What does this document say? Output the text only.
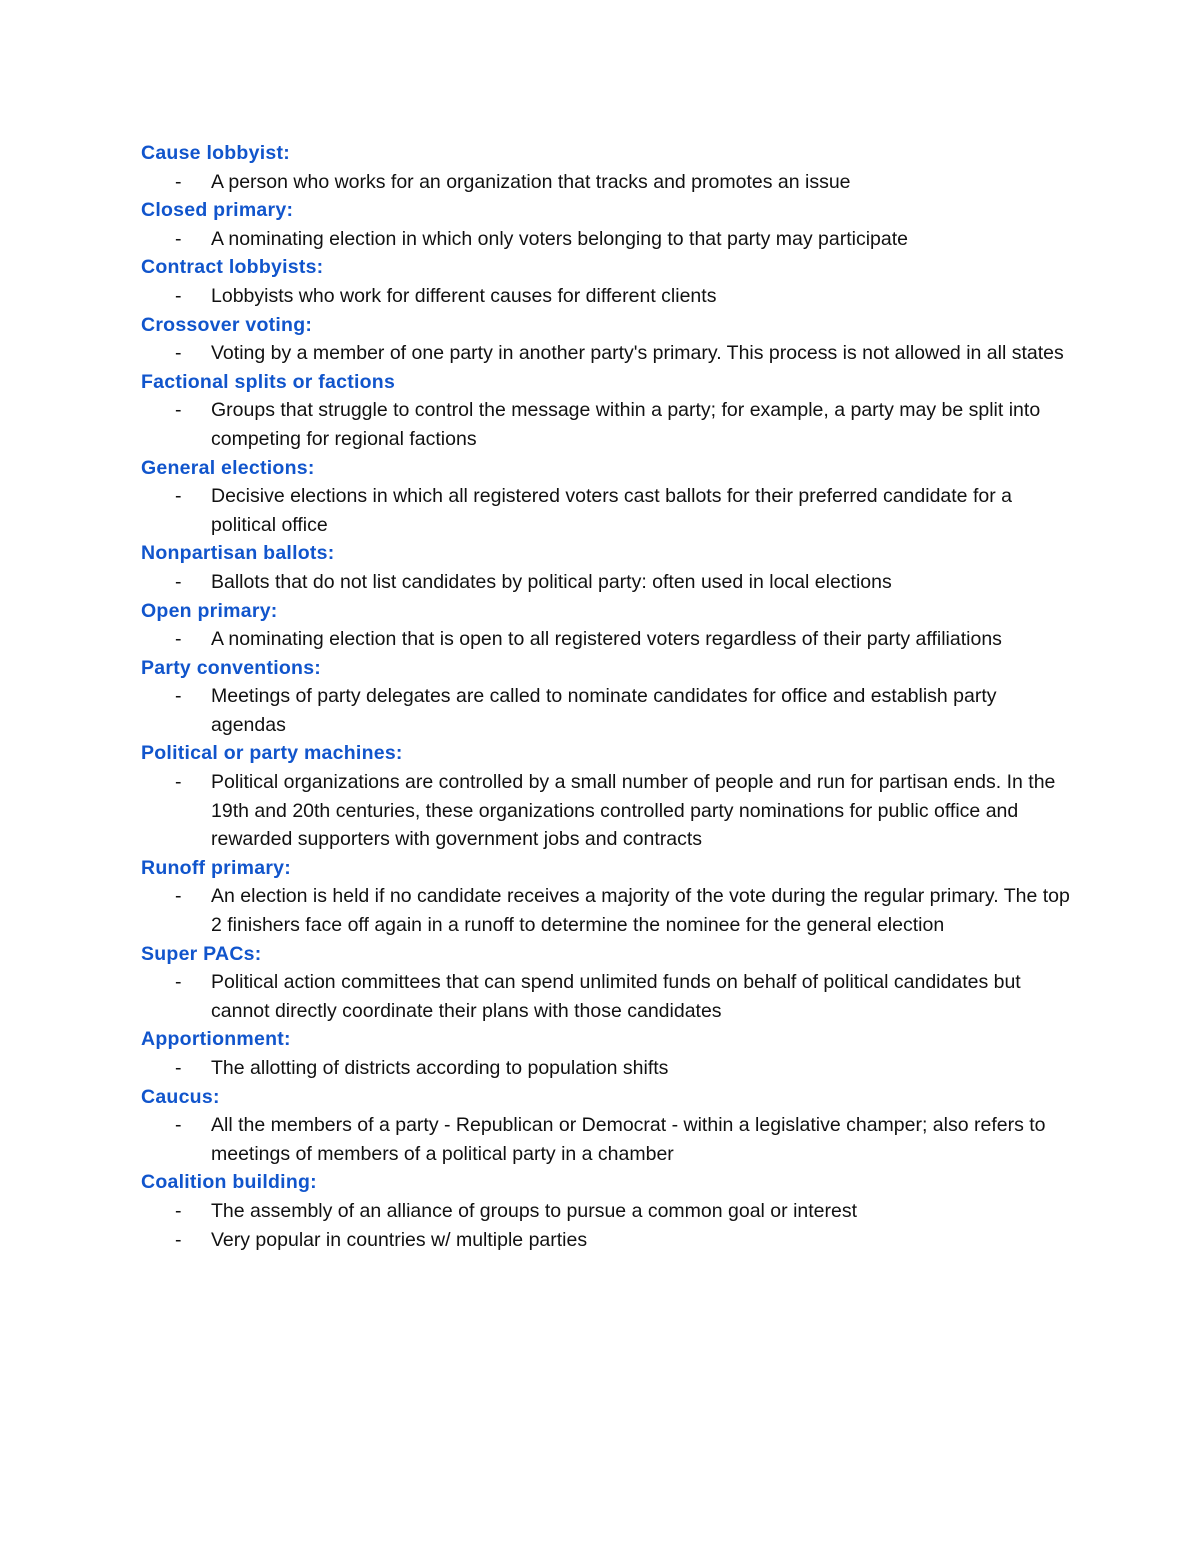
Cause lobbyist:
- A person who works for an organization that tracks and promotes an issue
Closed primary:
- A nominating election in which only voters belonging to that party may participate
Contract lobbyists:
- Lobbyists who work for different causes for different clients
Crossover voting:
- Voting by a member of one party in another party's primary. This process is not allowed in all states
Factional splits or factions
- Groups that struggle to control the message within a party; for example, a party may be split into competing for regional factions
General elections:
- Decisive elections in which all registered voters cast ballots for their preferred candidate for a political office
Nonpartisan ballots:
- Ballots that do not list candidates by political party: often used in local elections
Open primary:
- A nominating election that is open to all registered voters regardless of their party affiliations
Party conventions:
- Meetings of party delegates are called to nominate candidates for office and establish party agendas
Political or party machines:
- Political organizations are controlled by a small number of people and run for partisan ends. In the 19th and 20th centuries, these organizations controlled party nominations for public office and rewarded supporters with government jobs and contracts
Runoff primary:
- An election is held if no candidate receives a majority of the vote during the regular primary. The top 2 finishers face off again in a runoff to determine the nominee for the general election
Super PACs:
- Political action committees that can spend unlimited funds on behalf of political candidates but cannot directly coordinate their plans with those candidates
Apportionment:
- The allotting of districts according to population shifts
Caucus:
- All the members of a party - Republican or Democrat - within a legislative champer; also refers to meetings of members of a political party in a chamber
Coalition building:
- The assembly of an alliance of groups to pursue a common goal or interest
- Very popular in countries w/ multiple parties
